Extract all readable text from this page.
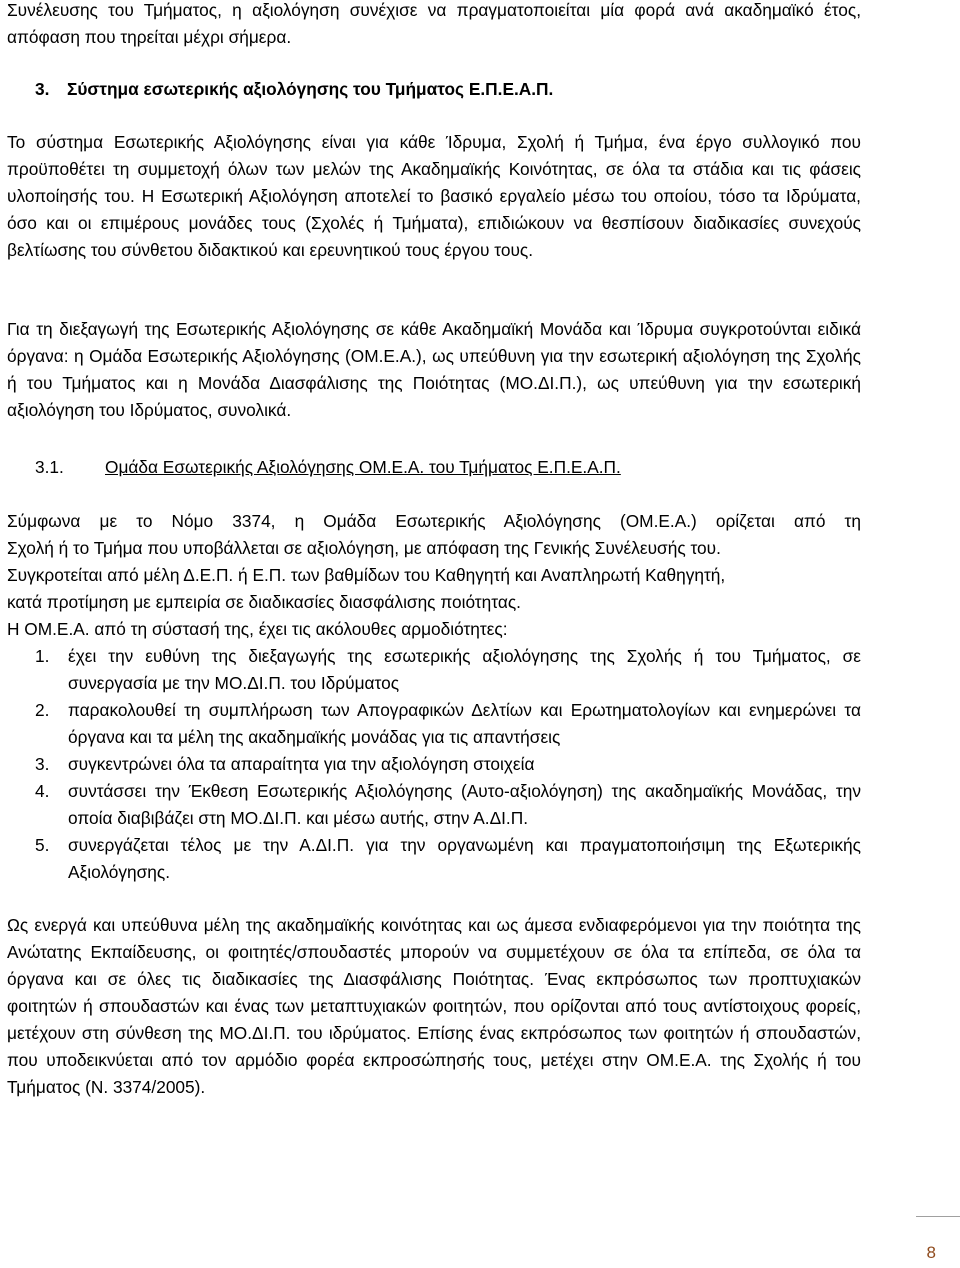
Συνέλευσης του Τμήματος, η αξιολόγηση συνέχισε να πραγματοποιείται μία φορά ανά ακαδημαϊκό έτος, απόφαση που τηρείται μέχρι σήμερα.

3. Σύστημα εσωτερικής αξιολόγησης του Τμήματος Ε.Π.Ε.Α.Π.

Το σύστημα Εσωτερικής Αξιολόγησης είναι για κάθε Ίδρυμα, Σχολή ή Τμήμα, ένα έργο συλλογικό που προϋποθέτει τη συμμετοχή όλων των μελών της Ακαδημαϊκής Κοινότητας, σε όλα τα στάδια και τις φάσεις υλοποίησής του. Η Εσωτερική Αξιολόγηση αποτελεί το βασικό εργαλείο μέσω του οποίου, τόσο τα Ιδρύματα, όσο και οι επιμέρους μονάδες τους (Σχολές ή Τμήματα), επιδιώκουν να θεσπίσουν διαδικασίες συνεχούς βελτίωσης του σύνθετου διδακτικού και ερευνητικού τους έργου τους.

Για τη διεξαγωγή της Εσωτερικής Αξιολόγησης σε κάθε Ακαδημαϊκή Μονάδα και Ίδρυμα συγκροτούνται ειδικά όργανα: η Ομάδα Εσωτερικής Αξιολόγησης (ΟΜ.Ε.Α.), ως υπεύθυνη για την εσωτερική αξιολόγηση της Σχολής ή του Τμήματος και η Μονάδα Διασφάλισης της Ποιότητας (ΜΟ.ΔΙ.Π.), ως υπεύθυνη για την εσωτερική αξιολόγηση του Ιδρύματος, συνολικά.

3.1. Ομάδα Εσωτερικής Αξιολόγησης ΟΜ.Ε.Α. του Τμήματος Ε.Π.Ε.Α.Π.

Σύμφωνα με το Νόμο 3374, η Ομάδα Εσωτερικής Αξιολόγησης (ΟΜ.Ε.Α.) ορίζεται από τη
Σχολή ή το Τμήμα που υποβάλλεται σε αξιολόγηση, με απόφαση της Γενικής Συνέλευσής του.
Συγκροτείται από μέλη Δ.Ε.Π. ή Ε.Π. των βαθμίδων του Καθηγητή και Αναπληρωτή Καθηγητή,
κατά προτίμηση με εμπειρία σε διαδικασίες διασφάλισης ποιότητας.
Η ΟΜ.Ε.Α. από τη σύστασή της, έχει τις ακόλουθες αρμοδιότητες:

1. έχει την ευθύνη της διεξαγωγής της εσωτερικής αξιολόγησης της Σχολής ή του Τμήματος, σε συνεργασία με την ΜΟ.ΔΙ.Π. του Ιδρύματος
2. παρακολουθεί τη συμπλήρωση των Απογραφικών Δελτίων και Ερωτηματολογίων και ενημερώνει τα όργανα και τα μέλη της ακαδημαϊκής μονάδας για τις απαντήσεις
3. συγκεντρώνει όλα τα απαραίτητα για την αξιολόγηση στοιχεία
4. συντάσσει την Έκθεση Εσωτερικής Αξιολόγησης (Αυτο-αξιολόγηση) της ακαδημαϊκής Μονάδας, την οποία διαβιβάζει στη ΜΟ.ΔΙ.Π. και μέσω αυτής, στην Α.ΔΙ.Π.
5. συνεργάζεται τέλος με την Α.ΔΙ.Π. για την οργανωμένη και πραγματοποιήσιμη της Εξωτερικής Αξιολόγησης.

Ως ενεργά και υπεύθυνα μέλη της ακαδημαϊκής κοινότητας και ως άμεσα ενδιαφερόμενοι για την ποιότητα της Ανώτατης Εκπαίδευσης, οι φοιτητές/σπουδαστές μπορούν να συμμετέχουν σε όλα τα επίπεδα, σε όλα τα όργανα και σε όλες τις διαδικασίες της Διασφάλισης Ποιότητας. Ένας εκπρόσωπος των προπτυχιακών φοιτητών ή σπουδαστών και ένας των μεταπτυχιακών φοιτητών, που ορίζονται από τους αντίστοιχους φορείς, μετέχουν στη σύνθεση της ΜΟ.ΔΙ.Π. του ιδρύματος. Επίσης ένας εκπρόσωπος των φοιτητών ή σπουδαστών, που υποδεικνύεται από τον αρμόδιο φορέα εκπροσώπησής τους, μετέχει στην ΟΜ.Ε.Α. της Σχολής ή του Τμήματος (Ν. 3374/2005).

8
